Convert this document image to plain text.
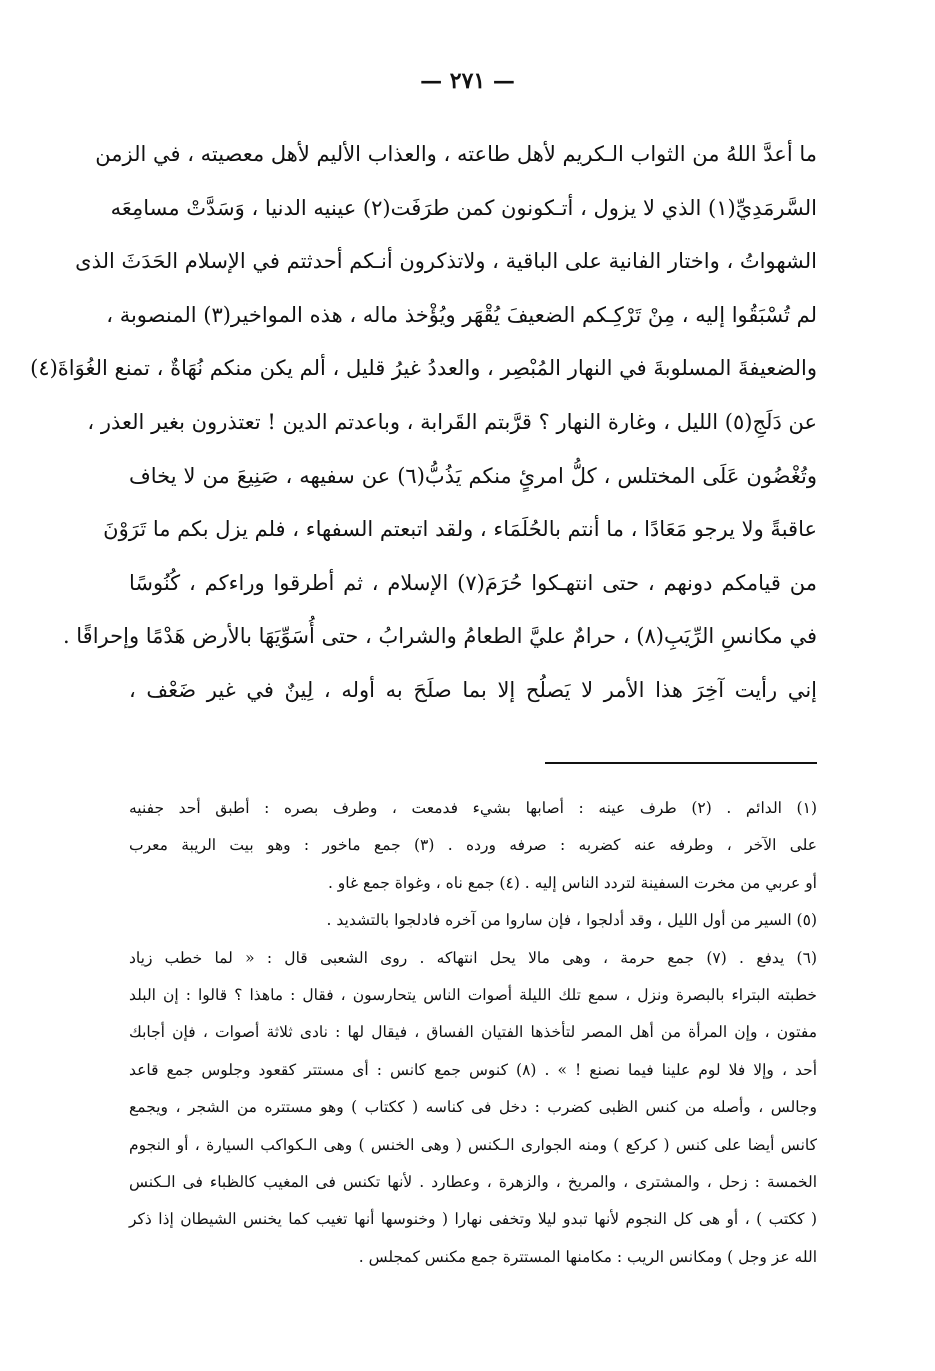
— ٢٧١ —
ما أعدَّ اللهُ من الثواب الـكريم لأهل طاعته ، والعذاب الأليم لأهل معصيته ، في الزمن
السَّرمَدِيِّ(١) الذي لا يزول ، أتـكونون كمن طرَفَت(٢) عينيه الدنيا ، وَسَدَّتْ مسامِعَه
الشهواتُ ، واختار الفانية على الباقية ، ولاتذكرون أنـكم أحدثتم في الإسلام الحَدَثَ الذى
لم تُسْبَقُوا إليه ، مِنْ تَرْكِـكم الضعيفَ يُقْهَر ويُؤْخذ ماله ، هذه المواخير(٣) المنصوبة ،
والضعيفةَ المسلوبةَ في النهار المُبْصِر ، والعددُ غيرُ قليل ، ألم يكن منكم نُهَاةٌ ، تمنع الغُوَاةَ(٤)
عن دَلَجِ(٥) الليل ، وغارة النهار ؟ قرَّبتم القَرابة ، وباعدتم الدين ! تعتذرون بغير العذر ،
وتُغْضُون عَلَى المختلس ، كلُّ امرئٍ منكم يَذُبُّ(٦) عن سفيهه ، صَنِيعَ من لا يخاف
عاقبةً ولا يرجو مَعَادًا ، ما أنتم بالحُلَمَاء ، ولقد اتبعتم السفهاء ، فلم يزل بكم ما تَرَوْنَ
من قيامكم دونهم ، حتى انتهـكوا حُرَمَ(٧) الإسلام ، ثم أطرقوا وراءكم ، كُنُوسًا
في مكانسِ الرِّيَبِ(٨) ، حرامٌ عليَّ الطعامُ والشرابُ ، حتى أُسَوِّيَهَا بالأرض هَدْمًا وإحراقًا .
إني رأيت آخِرَ هذا الأمر لا يَصلُح إلا بما صلَحَ به أوله ، لِينٌ في غير ضَعْف ،
(١) الدائم . (٢) طرف عينه : أصابها بشيء فدمعت ، وطرف بصره : أطبق أحد جفنيه
على الآخر ، وطرفه عنه كضربه : صرفه ورده . (٣) جمع ماخور : وهو بيت الريبة معرب
أو عربي من مخرت السفينة لتردد الناس إليه . (٤) جمع ناه ، وغواة جمع غاو .
(٥) السير من أول الليل ، وقد أدلجوا ، فإن ساروا من آخره فادلجوا بالتشديد .
(٦) يدفع . (٧) جمع حرمة ، وهى مالا يحل انتهاكه . روى الشعبى قال : « لما خطب زياد
خطبته البتراء بالبصرة ونزل ، سمع تلك الليلة أصوات الناس يتحارسون ، فقال : ماهذا ؟ قالوا : إن البلد
مفتون ، وإن المرأة من أهل المصر لتأخذها الفتيان الفساق ، فيقال لها : نادى ثلاثة أصوات ، فإن أجابك
أحد ، وإلا فلا لوم علينا فيما نصنع ! » . (٨) كنوس جمع كانس : أى مستتر كقعود وجلوس جمع قاعد
وجالس ، وأصله من كنس الظبى كضرب : دخل فى كناسه ( ككتاب ) وهو مستتره من الشجر ، ويجمع
كانس أيضا على كنس ( كركع ) ومنه الجوارى الـكنس ( وهى الخنس ) وهى الـكواكب السيارة ، أو النجوم
الخمسة : زحل ، والمشترى ، والمريخ ، والزهرة ، وعطارد . لأنها تكنس فى المغيب كالظباء فى الـكنس
( ككتب ) ، أو هى كل النجوم لأنها تبدو ليلا وتخفى نهارا ( وخنوسها أنها تغيب كما يخنس الشيطان إذا ذكر
الله عز وجل ) ومكانس الريب : مكامنها المستترة جمع مكنس كمجلس .
